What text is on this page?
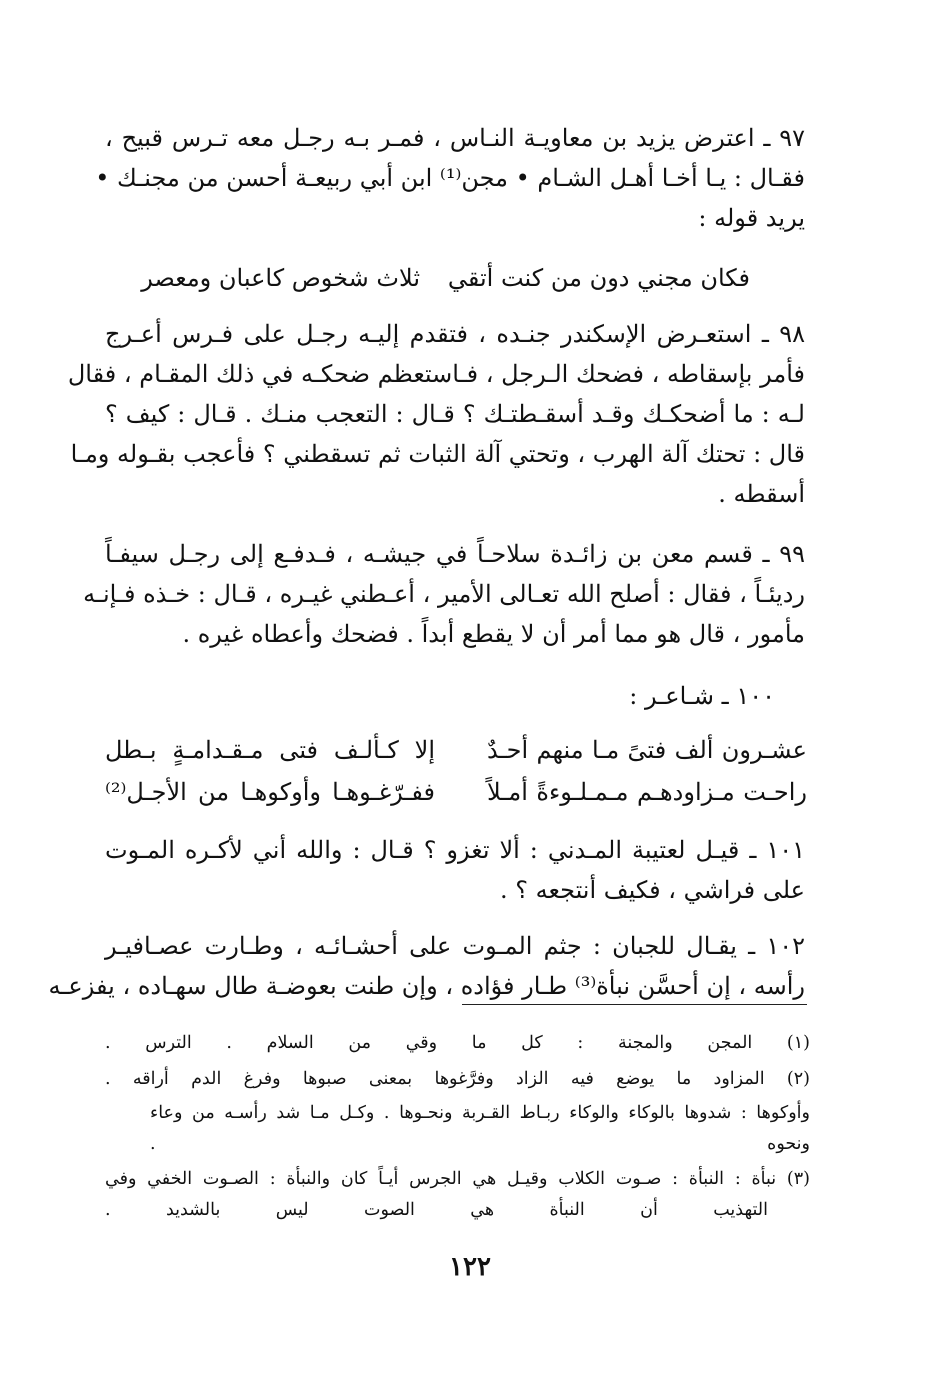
٩٧ ـ اعترض يزيد بن معاويـة النـاس ، فمـر بـه رجـل معه تـرس قبيح ،
فقـال : يـا أخـا أهـل الشـام • مجن⁽¹⁾ ابن أبي ربيعـة أحسن من مجنـك •
يريد قوله :
فكان مجني دون من كنت أتقي
ثلاث شخوص كاعبان ومعصر
٩٨ ـ استعـرض الإسكندر جنـده ، فتقدم إليـه رجـل على فـرس أعـرج
فأمر بإسقاطه ، فضحك الـرجل ، فـاستعظم ضحكـه في ذلك المقـام ، فقال
لـه : ما أضحكـك وقـد أسقـطتـك ؟ قـال : التعجب منـك . قـال : كيف ؟
قال : تحتك آلة الهرب ، وتحتي آلة الثبات ثم تسقطني ؟ فأعجب بقـوله ومـا
أسقطه .
٩٩ ـ قسم معن بن زائـدة سلاحـاً في جيشـه ، فـدفـع إلى رجـل سيفـاً
رديئـاً ، فقال : أصلح الله تعـالى الأمير ، أعـطني غيـره ، قـال : خـذه فـإنـه
مأمور ، قال هو مما أمر أن لا يقطع أبداً . فضحك وأعطاه غيره .
١٠٠ ـ شـاعـر :
عشـرون ألف فتىً مـا منهم أحـدٌ
إلا كـألـف فتى مـقـدامـةٍ بـطل
راحـت مـزاودهـم مـمـلـوءةً أمـلاً
ففـرّغـوهـا وأوكوهـا من الأجـل⁽²⁾
١٠١ ـ قيـل لعتيبة المـدني : ألا تغزو ؟ قـال : والله أني لأكـره المـوت
على فراشي ، فكيف أنتجعه ؟ .
١٠٢ ـ يقـال للجبان : جثم المـوت على أحشـائـه ، وطـارت عصـافيـر
رأسه ، إن أحسَّن نبأة⁽³⁾ طـار فؤاده ، وإن طنت بعوضـة طال سهـاده ، يفزعـه
(١) المجن والمجنة : كل ما وقي من السلام . الترس .
(٢) المزاود ما يوضع فيه الزاد وفرَّغوها بمعنى صبوها وفرغ الدم أراقه .
وأوكوها : شدوها بالوكاء والوكاء ربـاط القـربة ونحـوها . وكـل مـا شد رأسـه من وعاء
ونحوه .
(٣) نبأة : النبأة : صـوت الكلاب وقيـل هي الجرس أيـاً كان والنبأة : الصـوت الخفي وفي
التهذيب أن النبأة هي الصوت ليس بالشديد .
١٢٢
